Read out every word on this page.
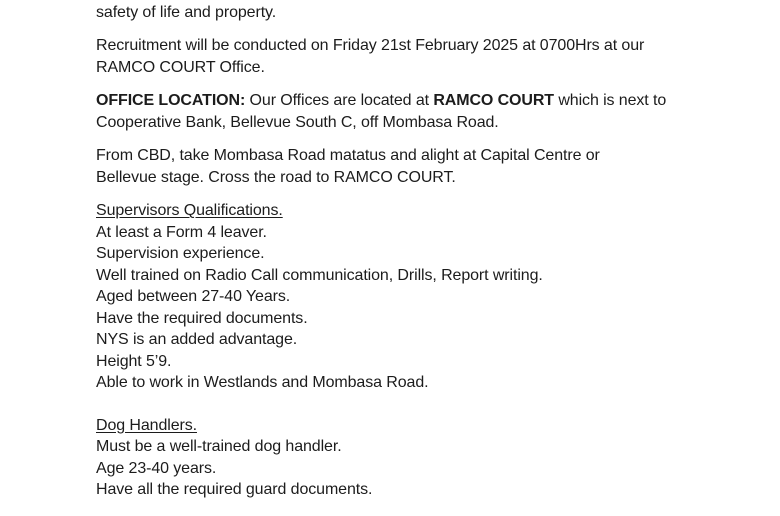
safety of life and property.
Recruitment will be conducted on Friday 21st February 2025 at 0700Hrs at our
RAMCO COURT Office.
OFFICE LOCATION: Our Offices are located at RAMCO COURT which is next to
Cooperative Bank, Bellevue South C, off Mombasa Road.
From CBD, take Mombasa Road matatus and alight at Capital Centre or
Bellevue stage. Cross the road to RAMCO COURT.
Supervisors Qualifications.
At least a Form 4 leaver.
Supervision experience.
Well trained on Radio Call communication, Drills, Report writing.
Aged between 27-40 Years.
Have the required documents.
NYS is an added advantage.
Height 5’9.
Able to work in Westlands and Mombasa Road.
Dog Handlers.
Must be a well-trained dog handler.
Age 23-40 years.
Have all the required guard documents.
